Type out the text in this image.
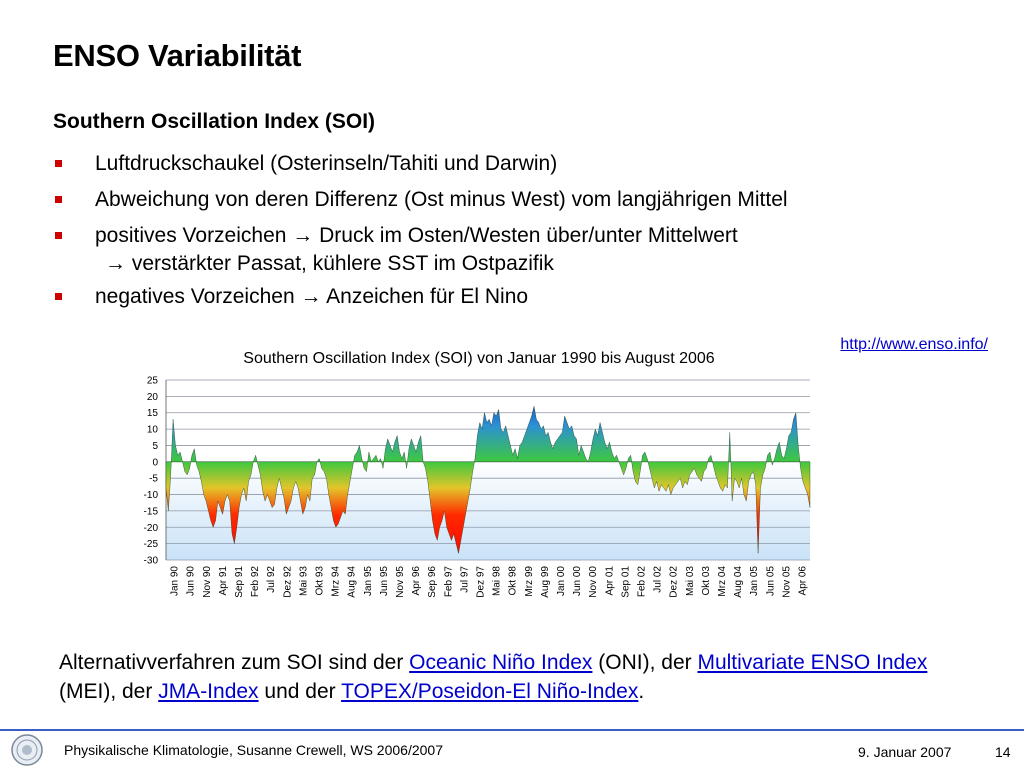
ENSO Variabilität
Southern Oscillation Index (SOI)
Luftdruckschaukel (Osterinseln/Tahiti und Darwin)
Abweichung von deren Differenz (Ost minus West) vom langjährigen Mittel
positives Vorzeichen → Druck im Osten/Westen über/unter Mittelwert
→ verstärkter Passat, kühlere SST im Ostpazifik
negatives Vorzeichen → Anzeichen für El Nino
http://www.enso.info/
Southern Oscillation Index (SOI) von Januar 1990 bis August 2006
25
20
15
10
5
0
-5
-10
-15
-20
-25
-30
Jan 90 Jun 90 Nov 90 Apr 91 Sep 91 Feb 92 Jul 92 Dez 92 Mai 93 Okt 93 Mrz 94 Aug 94 Jan 95 Jun 95 Nov 95 Apr 96 Sep 96 Feb 97 Jul 97 Dez 97 Mai 98 Okt 98 Mrz 99 Aug 99 Jan 00 Jun 00 Nov 00 Apr 01 Sep 01 Feb 02 Jul 02 Dez 02 Mai 03 Okt 03 Mrz 04 Aug 04 Jan 05 Jun 05 Nov 05 Apr 06
Alternativverfahren zum SOI sind der Oceanic Niño Index (ONI), der Multivariate ENSO Index (MEI), der JMA-Index und der TOPEX/Poseidon-El Niño-Index.
Physikalische Klimatologie, Susanne Crewell, WS 2006/2007	9. Januar 2007	14
